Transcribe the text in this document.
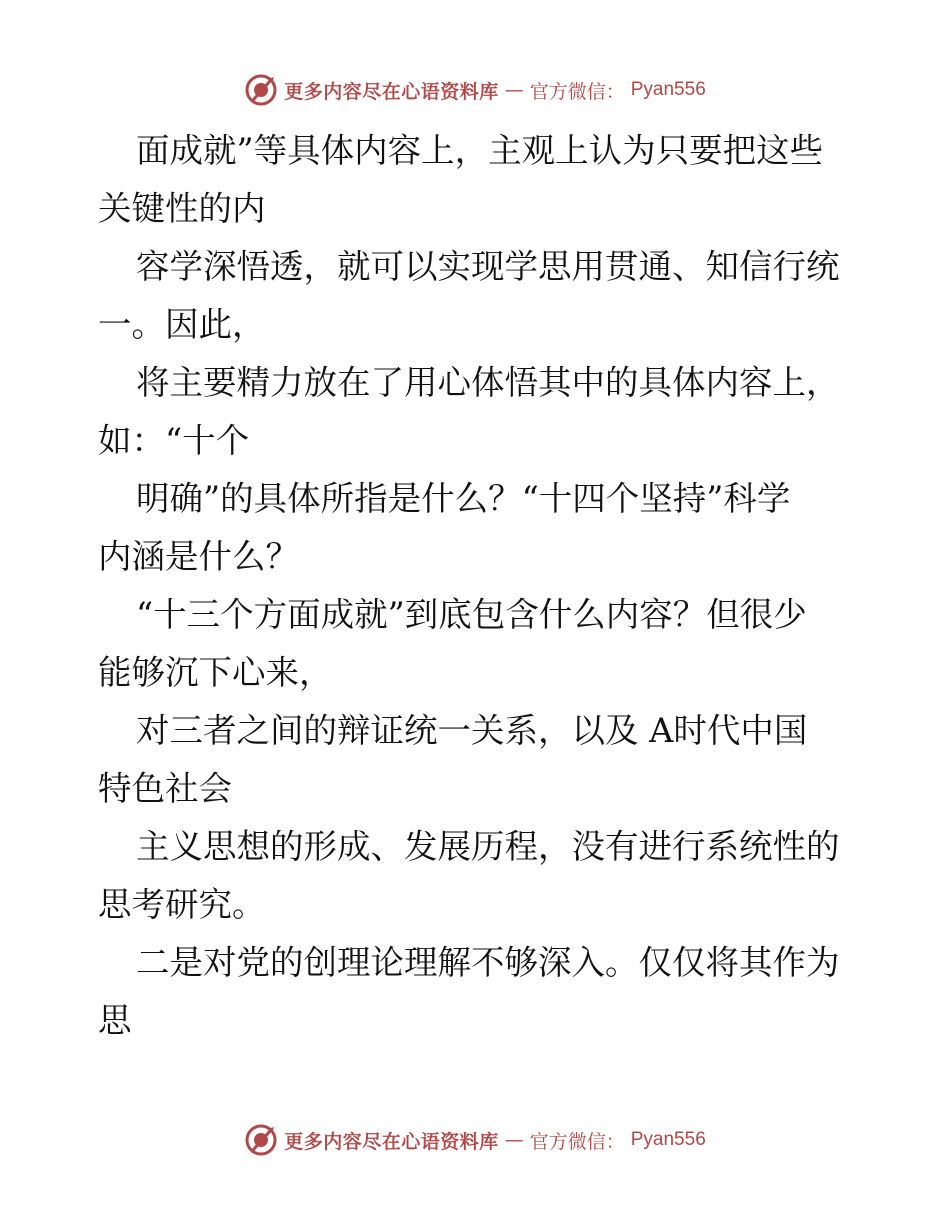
更多内容尽在心语资料库 — 官方微信： Pyan556
面成就”等具体内容上，主观上认为只要把这些
关键性的内
容学深悟透，就可以实现学思用贯通、知信行统
一。因此，
将主要精力放在了用心体悟其中的具体内容上，
如：“十个
明确”的具体所指是什么？“十四个坚持”科学
内涵是什么？
“十三个方面成就”到底包含什么内容？但很少
能够沉下心来，
对三者之间的辩证统一关系，以及 A时代中国
特色社会
主义思想的形成、发展历程，没有进行系统性的
思考研究。
二是对党的创理论理解不够深入。仅仅将其作为
思
更多内容尽在心语资料库 — 官方微信： Pyan556
